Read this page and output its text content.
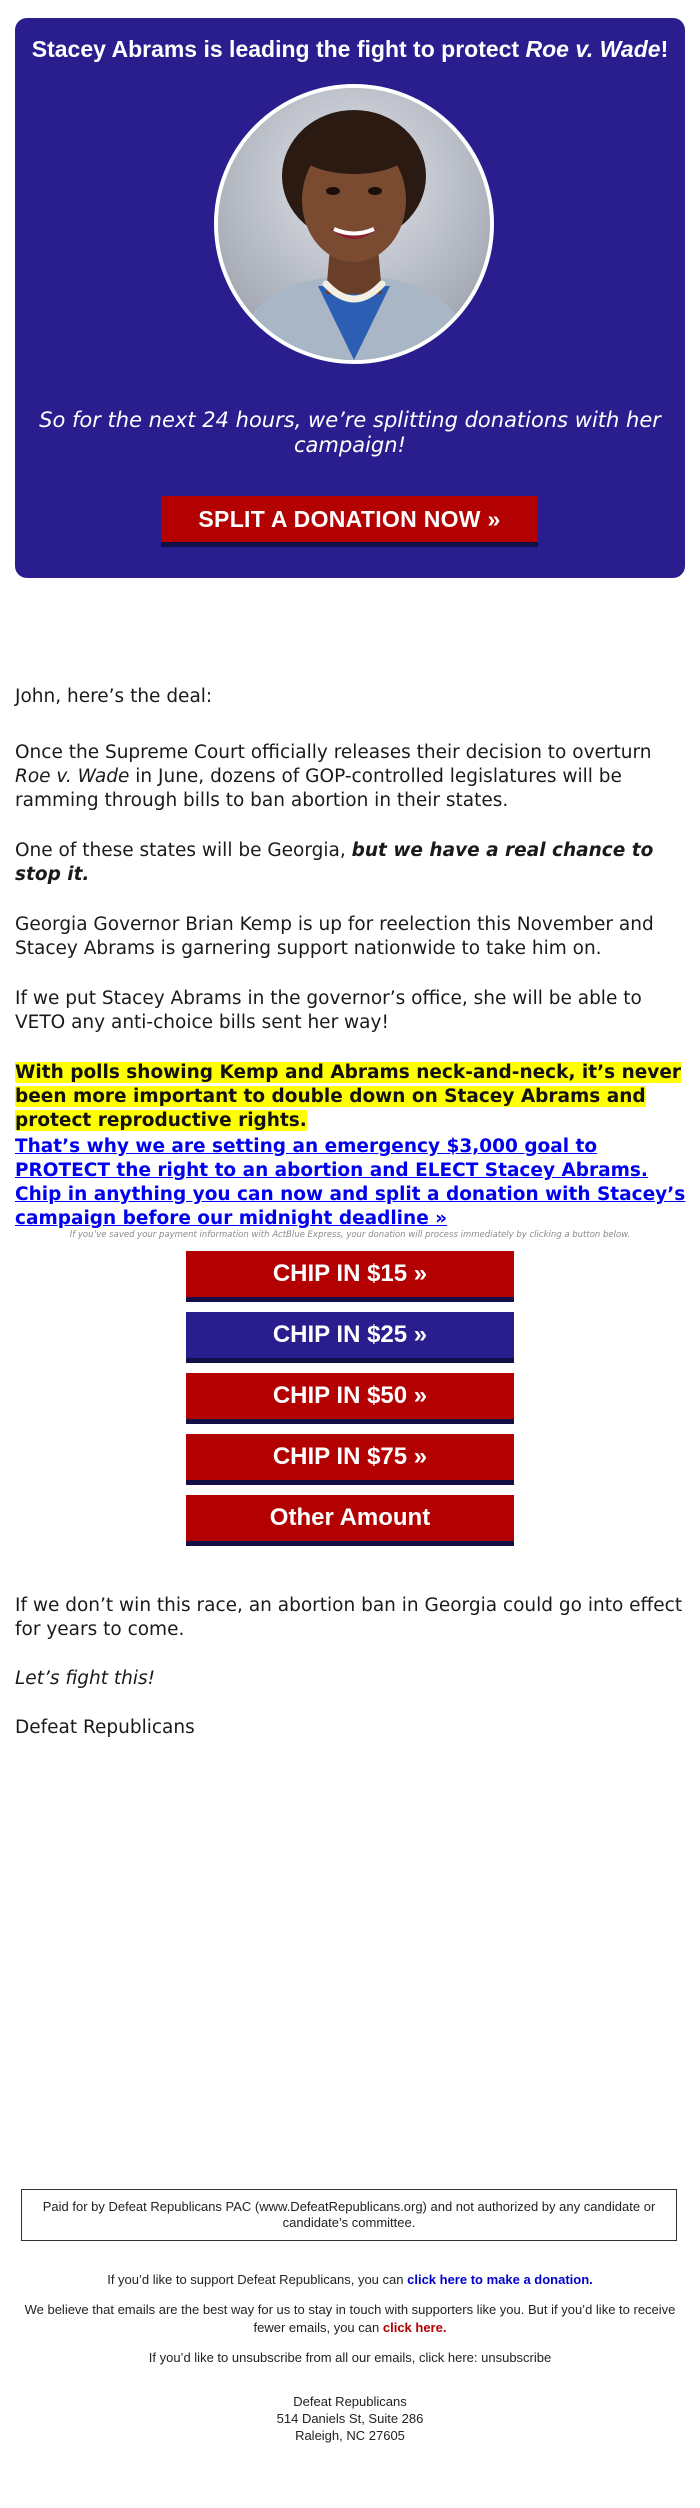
Stacey Abrams is leading the fight to protect Roe v. Wade!
So for the next 24 hours, we’re splitting donations with her campaign!
SPLIT A DONATION NOW »

John, here’s the deal:

Once the Supreme Court officially releases their decision to overturn Roe v. Wade in June, dozens of GOP-controlled legislatures will be ramming through bills to ban abortion in their states.

One of these states will be Georgia, but we have a real chance to stop it.

Georgia Governor Brian Kemp is up for reelection this November and Stacey Abrams is garnering support nationwide to take him on.

If we put Stacey Abrams in the governor’s office, she will be able to VETO any anti-choice bills sent her way!

With polls showing Kemp and Abrams neck-and-neck, it’s never been more important to double down on Stacey Abrams and protect reproductive rights.

That’s why we are setting an emergency $3,000 goal to PROTECT the right to an abortion and ELECT Stacey Abrams. Chip in anything you can now and split a donation with Stacey’s campaign before our midnight deadline »

If you’ve saved your payment information with ActBlue Express, your donation will process immediately by clicking a button below.
CHIP IN $15 »
CHIP IN $25 »
CHIP IN $50 »
CHIP IN $75 »
Other Amount

If we don’t win this race, an abortion ban in Georgia could go into effect for years to come.

Let’s fight this!

Defeat Republicans

Paid for by Defeat Republicans PAC (www.DefeatRepublicans.org) and not authorized by any candidate or candidate’s committee.
If you’d like to support Defeat Republicans, you can click here to make a donation.
We believe that emails are the best way for us to stay in touch with supporters like you. But if you’d like to receive fewer emails, you can click here.
If you’d like to unsubscribe from all our emails, click here: unsubscribe
Defeat Republicans
514 Daniels St, Suite 286
Raleigh, NC 27605
